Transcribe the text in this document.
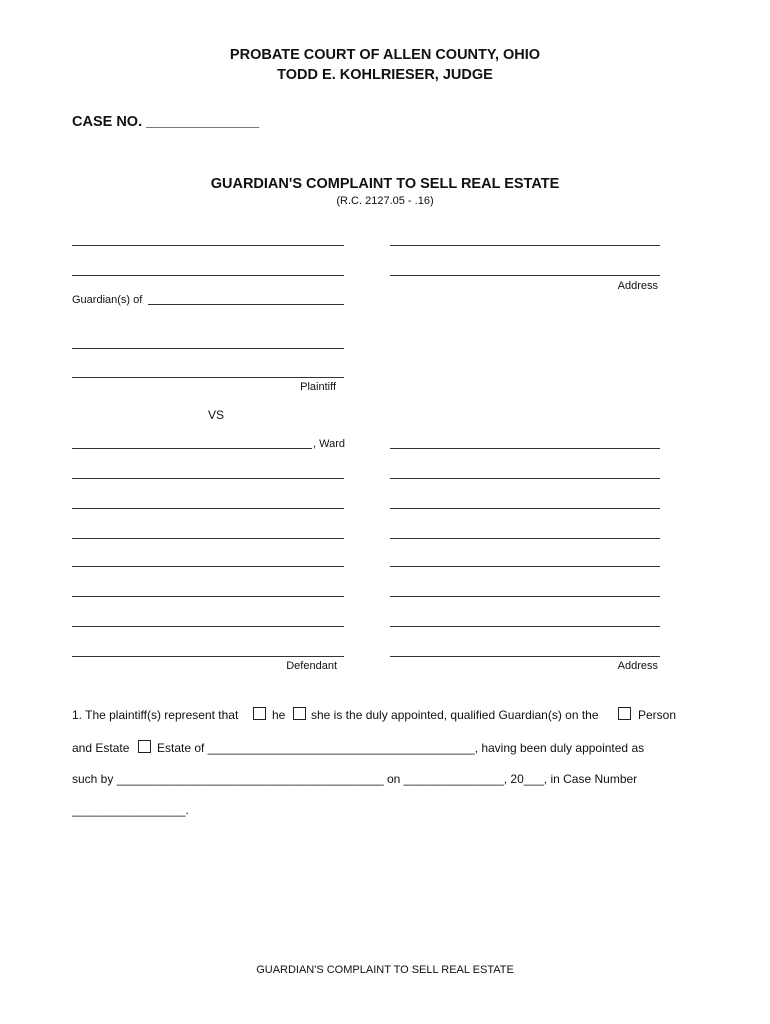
PROBATE COURT OF ALLEN COUNTY, OHIO
TODD E. KOHLRIESER, JUDGE
CASE NO. ______________
GUARDIAN'S COMPLAINT TO SELL REAL ESTATE
(R.C. 2127.05 - .16)
Address
Guardian(s) of
Plaintiff
VS
, Ward
Defendant	Address
1. The plaintiff(s) represent that	he she is the duly appointed, qualified Guardian(s) on the	Person
and Estate Estate of ________________________________________, having been duly appointed as
such by ________________________________________ on _______________, 20___, in Case Number
_________________.
GUARDIAN'S COMPLAINT TO SELL REAL ESTATE
